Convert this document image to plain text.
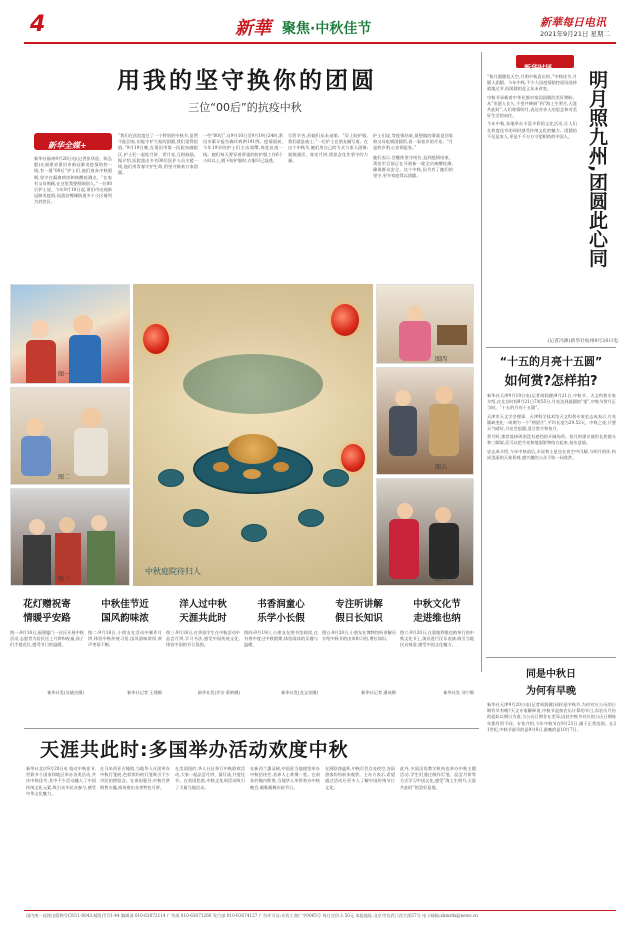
4	新華 聚焦·中秋佳节	新華每日电讯
2021年9月21日 星期二
用我的坚守换你的团圆
三位“00后”的抗疫中秋
新华全媒+

新华社福州9月20日电(记者张华迎、陈弘毅)在福建省莆田市新冠肺炎疫情防控一线,有一群“00后”护士们,他们放弃中秋假期,坚守在隔离病房和核酸检测点。“在家有父母照顾,在这里我要照顾别人。”一位00后护士说。今年9月10日起,莆田市出现新冠肺炎疫情,仙游县鲤城街道多个小区被列为封控区。

“我们在医院度过了一个特别的中秋节,虽然不能回家,但能守护大家的团圆,我们觉得很值。”9月19日晚,在莆田市第一医院东圃院区,护士们一起吃月饼、赏月亮,互相鼓励。据介绍,医院派出多名00后医护人员支援一线,他们用青春守护生命,用坚守换来万家团圆。

一些“00后”,自9月10日至9月19日24时,莆田市累计报告确诊病例191例。疫情面前,今年19岁的护士们主动请缨,奔赴抗疫一线。她们每天要穿着厚重的防护服工作6个小时以上,脱下防护服时,衣服早已湿透。

尽管辛苦,但她们从未退缩。“穿上防护服,我们就是战士。”一位护士在朋友圈写道。在这个中秋节,她们用自己的方式与家人团聚:视频通话、寄送月饼,将思念化作坚守的力量。

护士们说,等疫情结束,最想做的事就是回家陪父母吃顿团圆饭,看一看家乡的月亮。“月是故乡明,心安即是家。”

她们表示,会继续坚守岗位,直到疫情结束。莆田市目前正在开展新一轮全员核酸检测,确保群众安全。这个中秋,因为有了她们的坚守,更多家庭得以团圆。

新华时评

“秋月圆圆挂天空,月明中秋喜庆时。”中秋佳节,月圆人团圆。今年中秋,不少人因疫情防控原因选择就地过节,但团圆的意义从未改变。

中秋节承载着中华民族对家国团圆的美好期盼。从“但愿人长久,千里共婵娟”到“海上生明月,天涯共此时”,人们寄情明月,表达对亲人的思念和对美好生活的向往。

今年中秋,各地举办丰富多彩的文化活动,让人们在欢度佳节的同时感受传统文化的魅力。团圆的不仅是家人,更是千千万万守望相助的中国人。 明月照九州,团圆此心同
(记者冯源)新华社杭州9月20日电
“十五的月亮十五圆”
如何赏?怎样拍?

新华社天津9月19日电(记者周润健)9月21日,中秋节。天文科普专家介绍,在北京时间9月21日7时55分,月亮达到最圆的“望”,中秋节赏月正当时。“十五的月亮十五圆”。

天津市天文学会理事、天津科学技术馆天文科普专家史志成表示,月亮圆缺变化一周期为一个“朔望月”,平均长度为29.53天。中秋之夜,只要天气晴好,月亮会很圆,适合赏月和拍月。

赏月时,推荐选择周围没有遮挡的开阔场所。拍月则建议使用长焦镜头和三脚架,还可以把月亮和地面景物结合起来,拍出意境。

史志成介绍,今年中秋前后,木星和土星也在夜空中闪耀,与明月相伴,构成美丽的天象景观,感兴趣的公众不妨一同欣赏。

同是中秋日
为何有早晚

新华社天津9月20日电(记者周润健)同样是中秋节,为何对应公历的日期有早有晚?天文专家解释说,中秋节是按农历计算的节日,而农历月份的起始以朔日为准,与公历日期存在差异,因此中秋节对应的公历日期每年都有所不同。专家介绍,今年中秋节在9月21日,属于正常范围。在21世纪,中秋节最早的是9月8日,最晚的是10月7日。

图一
图二
图三
中秋庭院待归人
图四
图五
图六
花灯赠祝寄
情暖乎安路
图一:9月18日,福建厦门一社区开展中秋活动,志愿者为居民送上月饼和祝福,孩子们手提花灯,感受节日的温暖。
新华社发(吴晓洁摄)
中秋佳节近
国风韵味浓
图二:9月18日,小朋友在活动中制作月饼,体验中秋传统习俗,国风韵味浓厚,欢声笑语不断。
新华社记者 王理摄
洋人过中秋
天涯共此时
图三:9月18日,在华留学生在中秋活动中品尝月饼,学习书法,感受中国传统文化,体验中国的节日氛围。
新华社发(乔宗·莱纳摄)
书香润童心
乐学小长假
图四:9月19日,小朋友在图书馆阅读,在书香中度过中秋假期,体验阅读的乐趣与温暖。
新华社发(龙文泉摄)
专注听讲解
假日长知识
图五:9月20日,小朋友在博物馆听讲解员介绍中秋节的由来和习俗,增长知识。
新华社记者 潘成摄
中秋文化节
走进维也纳
图六:9月20日,在奥地利维也纳举行的中秋文化节上,演员进行民乐表演,吸引当地民众观看,感受中国文化魅力。
新华社发 刘宁摄
天涯共此时:多国举办活动欢度中秋

新华社北京9月20日电 临近中秋佳节,世界多个国家和地区举办各类活动,共庆中秋佳节,其中不少活动融入了中国传统文化元素,吸引众多民众参与,感受中华文化魅力。

在马来西亚吉隆坡,当地华人社团举办中秋灯笼展,色彩缤纷的灯笼吸引不少市民拍照留念。在泰国曼谷,中秋月饼销售火爆,商场推出各类特色月饼。

在美国纽约,华人社区举行中秋联欢活动,大家一起品尝月饼、猜灯谜,共度佳节。在英国伦敦,中秋文化周活动吸引了大量当地民众。

在新西兰惠灵顿,中国驻当地使馆举办中秋招待会,各界人士欢聚一堂。在南非约翰内斯堡,当地华人华侨举办中秋晚会,载歌载舞庆祝节日。

在阿联酋迪拜,中秋灯会点亮夜空,各国游客纷纷前来观赏。主办方表示,希望通过活动让更多人了解中国传统节日文化。

此外,多国汉语教学机构也举办中秋主题活动,学生们通过制作灯笼、品尝月饼等方式学习中国文化,感受“海上生明月,天涯共此时”的美好意境。

国内统一连续出版物号CN11-0043 邮发代号1-44 编辑部 010-63072114 广告部 010-63071266 发行部 010-63074127 广告许可证:京西工商广字0065号 每日定价:1.50元 本报地址:北京市宣武门西大街57号 电子邮箱:xhmrdx@news.cn
